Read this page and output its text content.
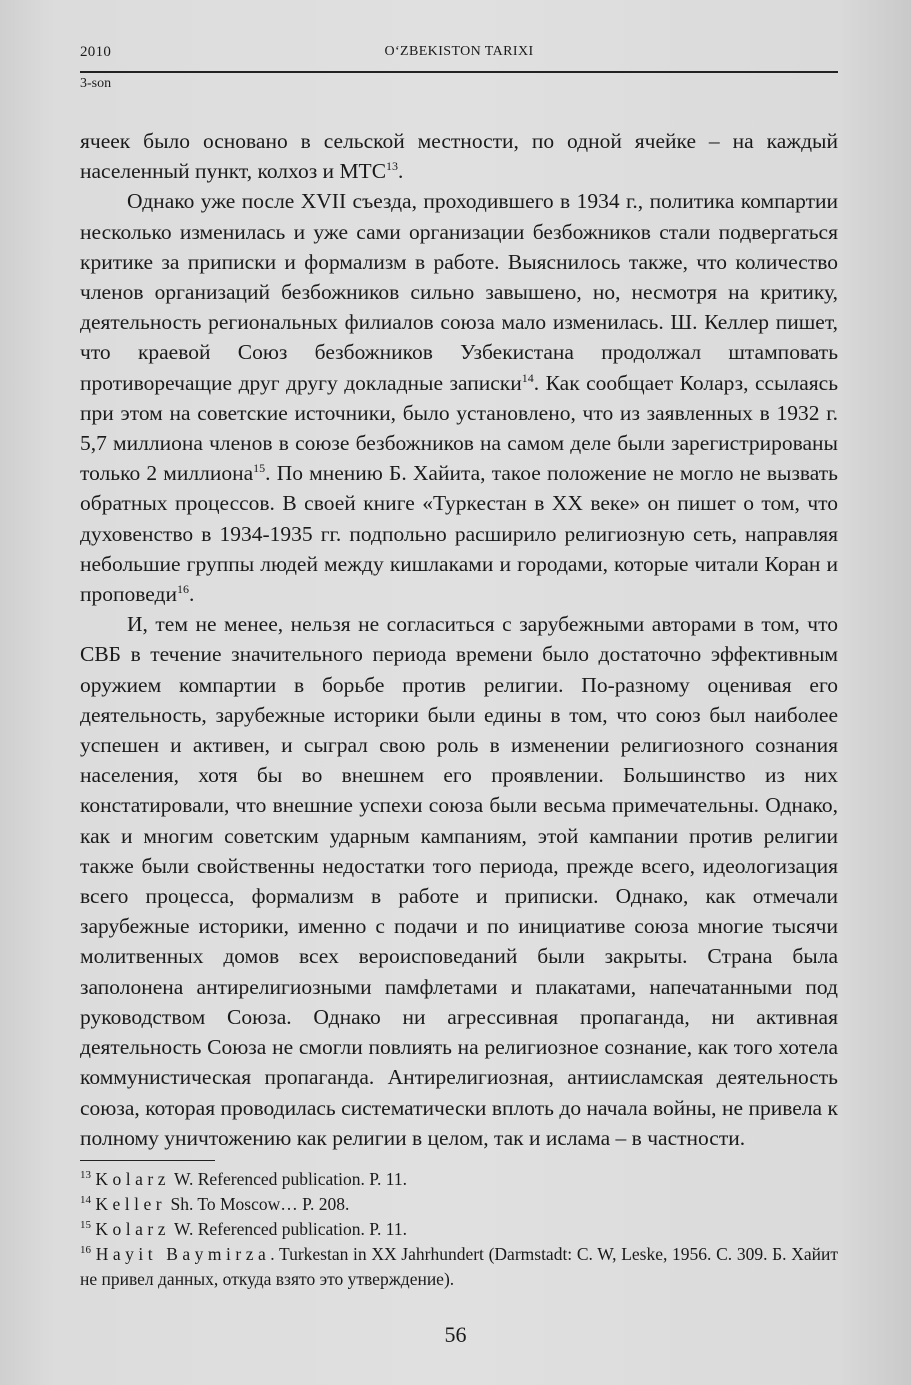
2010	O‘ZBEKISTON TARIXI
3-son

ячеек было основано в сельской местности, по одной ячейке – на каждый населенный пункт, колхоз и МТС$^{13}$.

Однако уже после XVII съезда, проходившего в 1934 г., политика компартии несколько изменилась и уже сами организации безбожников стали подвергаться критике за приписки и формализм в работе. Выяснилось также, что количество членов организаций безбожников сильно завышено, но, несмотря на критику, деятельность региональных филиалов союза мало изменилась. Ш. Келлер пишет, что краевой Союз безбожников Узбекистана продолжал штамповать противоречащие друг другу докладные записки$^{14}$. Как сообщает Коларз, ссылаясь при этом на советские источники, было установлено, что из заявленных в 1932 г. 5,7 миллиона членов в союзе безбожников на самом деле были зарегистрированы только 2 миллиона$^{15}$. По мнению Б. Хайита, такое положение не могло не вызвать обратных процессов. В своей книге «Туркестан в XX веке» он пишет о том, что духовенство в 1934-1935 гг. подпольно расширило религиозную сеть, направляя небольшие группы людей между кишлаками и городами, которые читали Коран и проповеди$^{16}$.

И, тем не менее, нельзя не согласиться с зарубежными авторами в том, что СВБ в течение значительного периода времени было достаточно эффективным оружием компартии в борьбе против религии. По-разному оценивая его деятельность, зарубежные историки были едины в том, что союз был наиболее успешен и активен, и сыграл свою роль в изменении религиозного сознания населения, хотя бы во внешнем его проявлении. Большинство из них констатировали, что внешние успехи союза были весьма примечательны. Однако, как и многим советским ударным кампаниям, этой кампании против религии также были свойственны недостатки того периода, прежде всего, идеологизация всего процесса, формализм в работе и приписки. Однако, как отмечали зарубежные историки, именно с подачи и по инициативе союза многие тысячи молитвенных домов всех вероисповеданий были закрыты. Страна была заполонена антирелигиозными памфлетами и плакатами, напечатанными под руководством Союза. Однако ни агрессивная пропаганда, ни активная деятельность Союза не смогли повлиять на религиозное сознание, как того хотела коммунистическая пропаганда. Антирелигиозная, антиисламская деятельность союза, которая проводилась систематически вплоть до начала войны, не привела к полному уничтожению как религии в целом, так и ислама – в частности.

$^{13}$ Kolarz W. Referenced publication. P. 11.

$^{14}$ Keller Sh. To Moscow… P. 208.

$^{15}$ Kolarz W. Referenced publication. P. 11.

$^{16}$ Hayit Baymirza. Turkestan in XX Jahrhundert (Darmstadt: C. W, Leske, 1956. С. 309. Б. Хайит не привел данных, откуда взято это утверждение).

56
